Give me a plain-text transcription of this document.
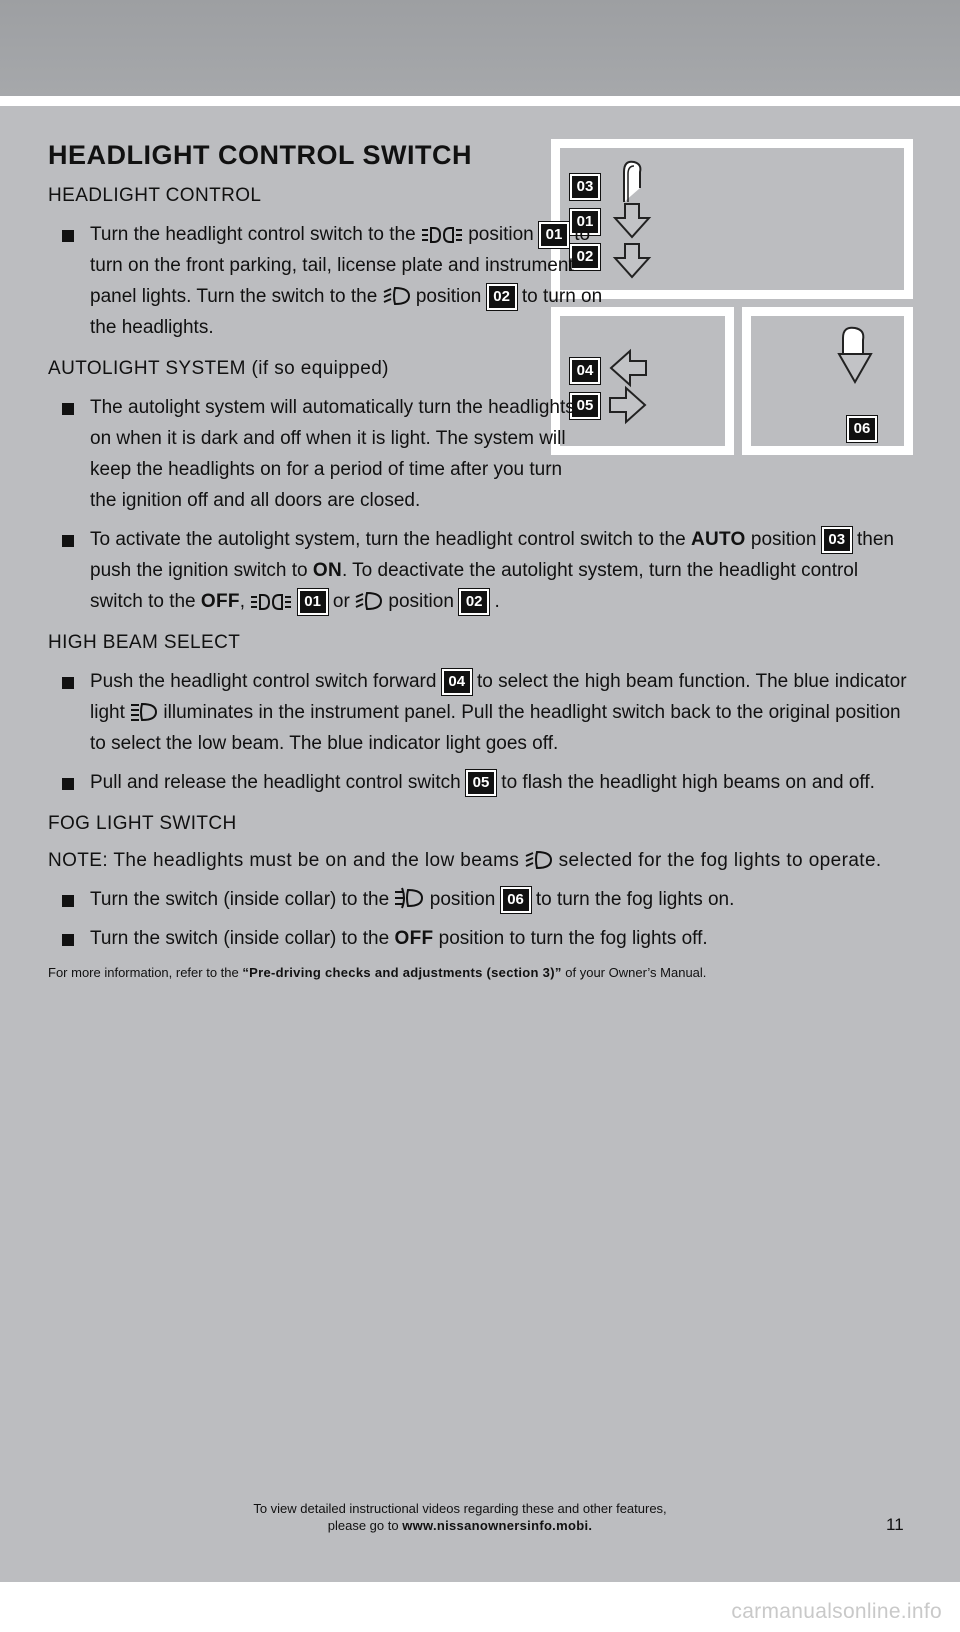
HEADLIGHT CONTROL SWITCH
03
01
02
04
05
06

HEADLIGHT CONTROL

Turn the headlight control switch to the	position 01 to turn on the front parking, tail, license plate and instrument panel lights. Turn the switch to the position 02 to turn on the headlights.

AUTOLIGHT SYSTEM (if so equipped)

The autolight system will automatically turn the headlights on when it is dark and off when it is light. The system will keep the headlights on for a period of time after you turn the ignition off and all doors are closed.
To activate the autolight system, turn the headlight control switch to the AUTO position 03 then push the ignition switch to ON. To deactivate the autolight system, turn the headlight control switch to the OFF,	01 or position 02 .

HIGH BEAM SELECT

Push the headlight control switch forward 04 to select the high beam function. The blue indicator light illuminates in the instrument panel. Pull the headlight switch back to the original position to select the low beam. The blue indicator light goes off.
Pull and release the headlight control switch 05 to flash the headlight high beams on and off.

FOG LIGHT SWITCH

NOTE: The headlights must be on and the low beams selected for the fog lights to operate.

Turn the switch (inside collar) to the position 06 to turn the fog lights on.
Turn the switch (inside collar) to the OFF position to turn the fog lights off.

For more information, refer to the “Pre-driving checks and adjustments (section 3)” of your Owner’s Manual.

To view detailed instructional videos regarding these and other features,
please go to www.nissanownersinfo.mobi.	11
carmanualsonline.info
